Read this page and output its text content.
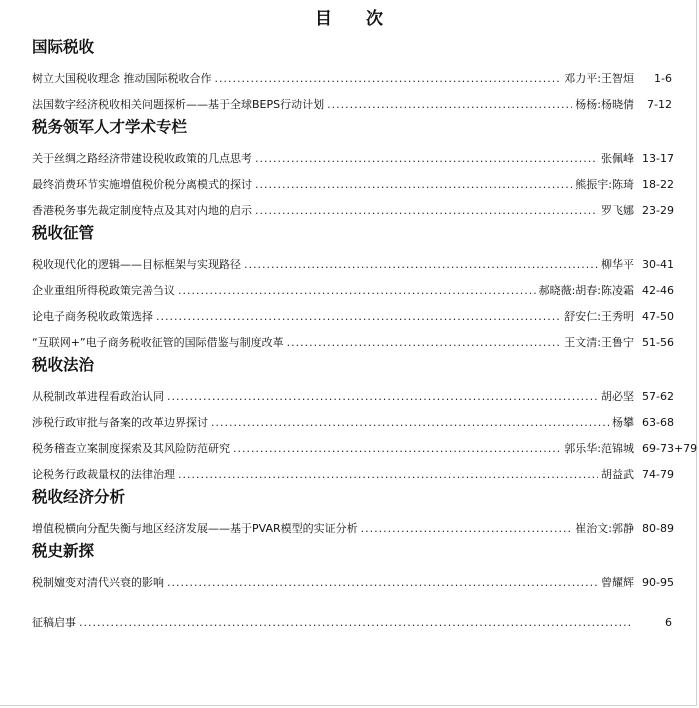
目 次
国际税收
树立大国税收理念 推动国际税收合作 .....	邓力平:王智烜	1-6
法国数字经济税收相关问题探析——基于全球BEPS行动计划 .....	杨杨:杨晓倩	7-12
税务领军人才学术专栏
关于丝绸之路经济带建设税收政策的几点思考 .....	张佩峰 13-17
最终消费环节实施增值税价税分离模式的探讨 .....	熊振宇:陈琦 18-22
香港税务事先裁定制度特点及其对内地的启示 .....	罗飞娜 23-29
税收征管
税收现代化的逻辑——目标框架与实现路径 .....	柳华平 30-41
企业重组所得税政策完善刍议 .....	郝晓薇:胡春:陈凌霜 42-46
论电子商务税收政策选择 .....	舒安仁:王秀明 47-50
“互联网+”电子商务税收征管的国际借鉴与制度改革 .....	王文清:王鲁宁 51-56
税收法治
从税制改革进程看政治认同 .....	胡必坚 57-62
涉税行政审批与备案的改革边界探讨 .....	杨攀 63-68
税务稽查立案制度探索及其风险防范研究 .....	郭乐华:范锦城 69-73+79
论税务行政裁量权的法律治理 .....	胡益武 74-79
税收经济分析
增值税横向分配失衡与地区经济发展——基于PVAR模型的实证分析 .....	崔治文:郭静 80-89
税史新探
税制嬗变对清代兴衰的影响 .....	曾耀辉 90-95
征稿启事 .....	6
